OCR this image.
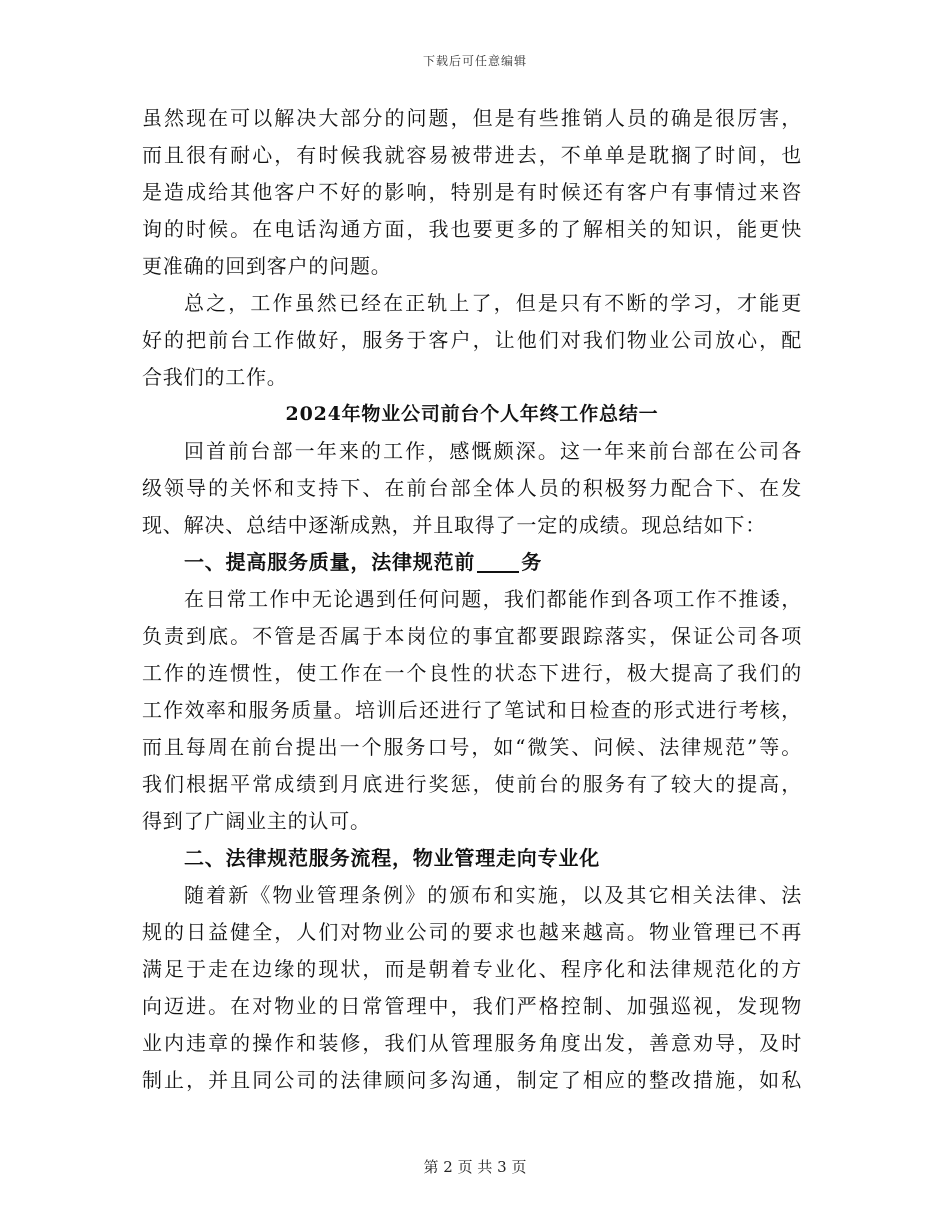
下载后可任意编辑
虽然现在可以解决大部分的问题，但是有些推销人员的确是很厉害，
而且很有耐心，有时候我就容易被带进去，不单单是耽搁了时间，也
是造成给其他客户不好的影响，特别是有时候还有客户有事情过来咨
询的时候。在电话沟通方面，我也要更多的了解相关的知识，能更快
更准确的回到客户的问题。
总之，工作虽然已经在正轨上了，但是只有不断的学习，才能更
好的把前台工作做好，服务于客户，让他们对我们物业公司放心，配
合我们的工作。
2024年物业公司前台个人年终工作总结一
回首前台部一年来的工作，感慨颇深。这一年来前台部在公司各
级领导的关怀和支持下、在前台部全体人员的积极努力配合下、在发
现、解决、总结中逐渐成熟，并且取得了一定的成绩。现总结如下：
一、提高服务质量，法律规范前 务
在日常工作中无论遇到任何问题，我们都能作到各项工作不推诿，
负责到底。不管是否属于本岗位的事宜都要跟踪落实，保证公司各项
工作的连惯性，使工作在一个良性的状态下进行，极大提高了我们的
工作效率和服务质量。培训后还进行了笔试和日检查的形式进行考核，
而且每周在前台提出一个服务口号，如“微笑、问候、法律规范”等。
我们根据平常成绩到月底进行奖惩，使前台的服务有了较大的提高，
得到了广阔业主的认可。
二、法律规范服务流程，物业管理走向专业化
随着新《物业管理条例》的颁布和实施，以及其它相关法律、法
规的日益健全，人们对物业公司的要求也越来越高。物业管理已不再
满足于走在边缘的现状，而是朝着专业化、程序化和法律规范化的方
向迈进。在对物业的日常管理中，我们严格控制、加强巡视，发现物
业内违章的操作和装修，我们从管理服务角度出发，善意劝导，及时
制止，并且同公司的法律顾问多沟通，制定了相应的整改措施，如私
第 2 页 共 3 页
